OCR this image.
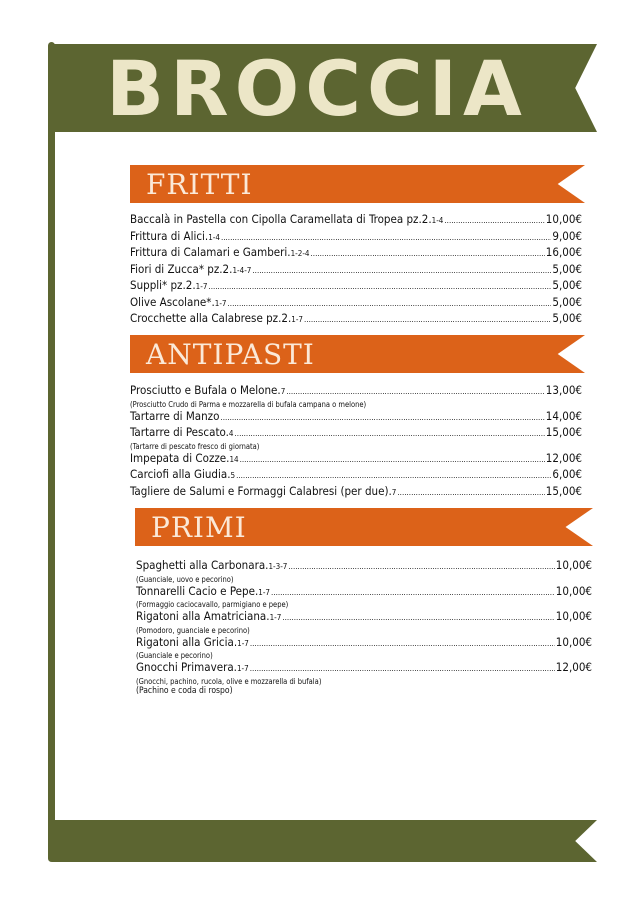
BROCCIA
FRITTI
Baccalà in Pastella con Cipolla Caramellata di Tropea pz.2. 1-4 .....	10,00€
Frittura di Alici. 1-4 .....	9,00€
Frittura di Calamari e Gamberi. 1-2-4 .....	16,00€
Fiori di Zucca* pz.2. 1-4-7 .....	5,00€
Suppli* pz.2. 1-7 .....	5,00€
Olive Ascolane*. 1-7 .....	5,00€
Crocchette alla Calabrese pz.2. 1-7 .....	5,00€
ANTIPASTI
Prosciutto e Bufala o Melone. 7 .....	13,00€
(Prosciutto Crudo di Parma e mozzarella di bufala campana o melone)
Tartarre di Manzo .....	14,00€
Tartarre di Pescato. 4 .....	15,00€
(Tartarre di pescato fresco di giornata)
Impepata di Cozze. 14 .....	12,00€
Carciofi alla Giudia. 5 .....	6,00€
Tagliere de Salumi e Formaggi Calabresi (per due). 7 .....	15,00€
PRIMI
Spaghetti alla Carbonara. 1-3-7 .....	10,00€
(Guanciale, uovo e pecorino)
Tonnarelli Cacio e Pepe. 1-7 .....	10,00€
(Formaggio caciocavallo, parmigiano e pepe)
Rigatoni alla Amatriciana. 1-7 .....	10,00€
(Pomodoro, guanciale e pecorino)
Rigatoni alla Gricia. 1-7 .....	10,00€
(Guanciale e pecorino)
Gnocchi Primavera. 1-7 .....	12,00€
(Gnocchi, pachino, rucola, olive e mozzarella di bufala)
(Pachino e coda di rospo)
